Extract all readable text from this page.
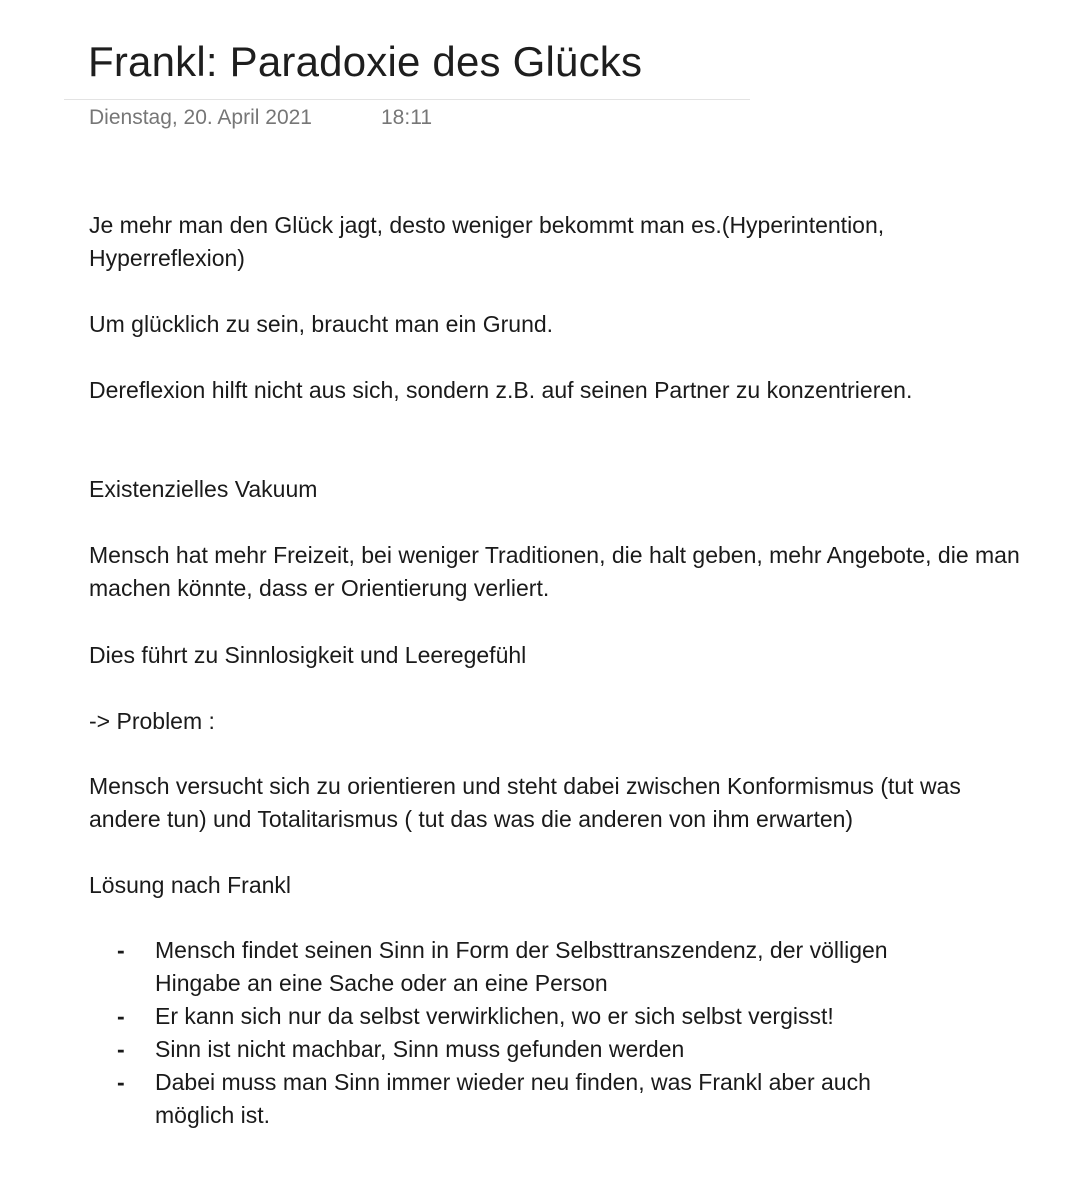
Frankl: Paradoxie des Glücks
Dienstag, 20. April 2021	18:11

Je mehr man den Glück jagt, desto weniger bekommt man es.(Hyperintention, Hyperreflexion)

Um glücklich zu sein, braucht man ein Grund.

Dereflexion hilft nicht aus sich, sondern z.B. auf seinen Partner zu konzentrieren.

Existenzielles Vakuum

Mensch hat mehr Freizeit, bei weniger Traditionen, die halt geben, mehr Angebote, die man machen könnte, dass er Orientierung verliert.

Dies führt zu Sinnlosigkeit und Leeregefühl

-> Problem :

Mensch versucht sich zu orientieren und steht dabei zwischen Konformismus (tut was andere tun) und Totalitarismus ( tut das was die anderen von ihm erwarten)

Lösung nach Frankl

- Mensch findet seinen Sinn in Form der Selbsttranszendenz, der völligen Hingabe an eine Sache oder an eine Person
- Er kann sich nur da selbst verwirklichen, wo er sich selbst vergisst!
- Sinn ist nicht machbar, Sinn muss gefunden werden
- Dabei muss man Sinn immer wieder neu finden, was Frankl aber auch möglich ist.
